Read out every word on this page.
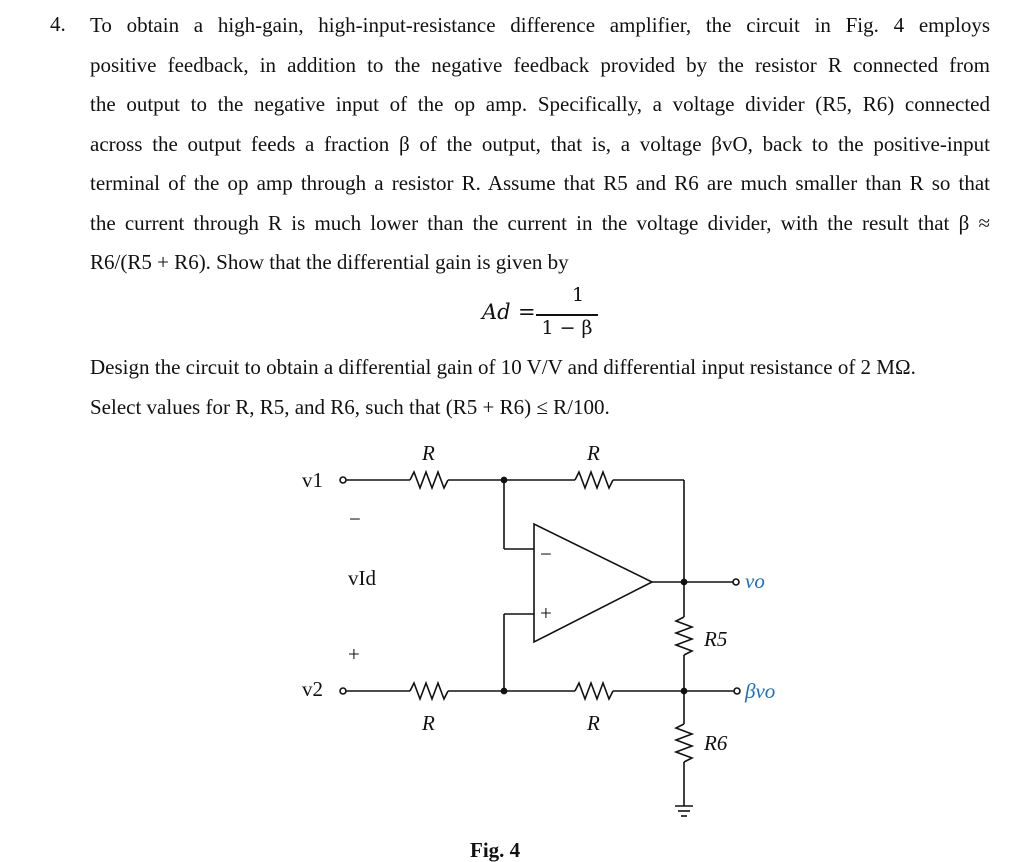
4. To obtain a high-gain, high-input-resistance difference amplifier, the circuit in Fig. 4 employs
positive feedback, in addition to the negative feedback provided by the resistor R connected from
the output to the negative input of the op amp. Specifically, a voltage divider (R5, R6) connected
across the output feeds a fraction β of the output, that is, a voltage βvO, back to the positive-input
terminal of the op amp through a resistor R. Assume that R5 and R6 are much smaller than R so that
the current through R is much lower than the current in the voltage divider, with the result that β ≈
R6/(R5 + R6). Show that the differential gain is given by
Ad =
1
1 − β
Design the circuit to obtain a differential gain of 10 V/V and differential input resistance of 2 MΩ.
Select values for R, R5, and R6, such that (R5 + R6) ≤ R/100.
v1
−
vId
+
v2
−
+
R	R
R	R
R5
R6
vo
βvo
Fig. 4
